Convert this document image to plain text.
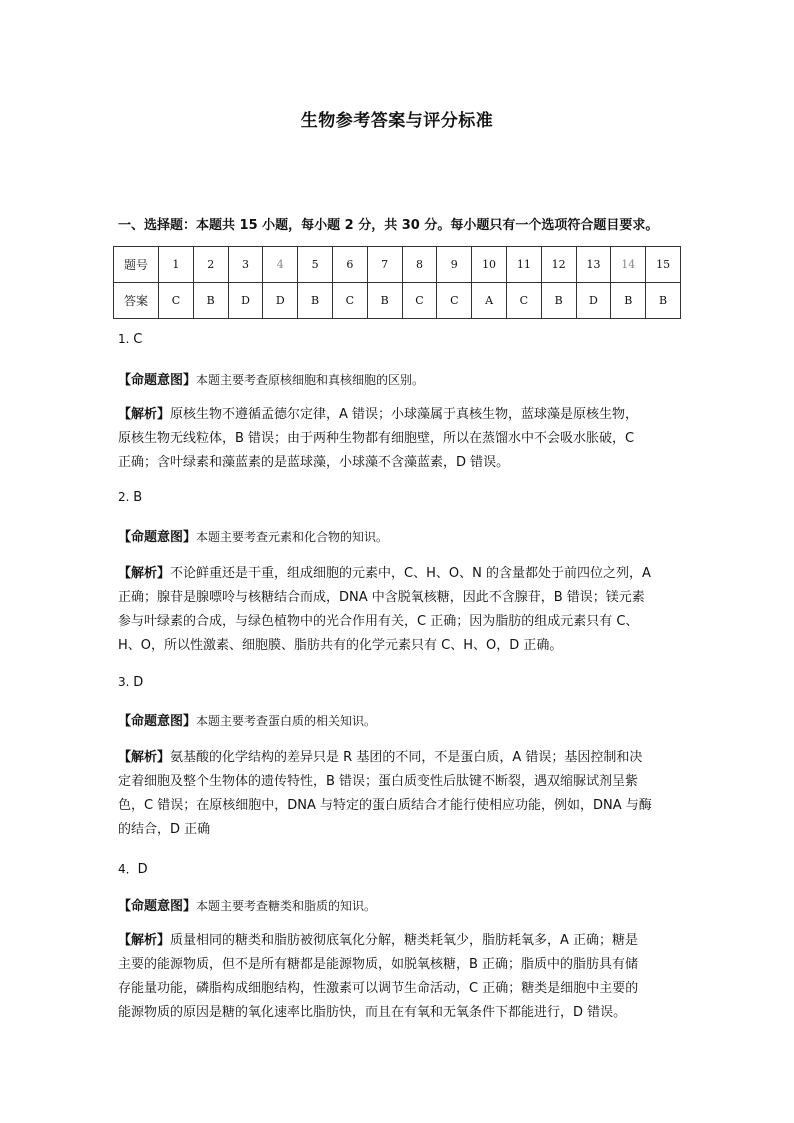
生物参考答案与评分标准
一、选择题：本题共 15 小题，每小题 2 分，共 30 分。每小题只有一个选项符合题目要求。
题号	1	2	3	4	5	6	7	8	9	10	11	12	13	14	15
答案	C	B	D	D	B	C	B	C	C	A	C	B	D	B	B
1. C
【命题意图】本题主要考查原核细胞和真核细胞的区别。
【解析】原核生物不遵循孟德尔定律，A 错误；小球藻属于真核生物，蓝球藻是原核生物，
原核生物无线粒体，B 错误；由于两种生物都有细胞壁，所以在蒸馏水中不会吸水胀破，C
正确；含叶绿素和藻蓝素的是蓝球藻，小球藻不含藻蓝素，D 错误。
2. B
【命题意图】本题主要考查元素和化合物的知识。
【解析】不论鲜重还是干重，组成细胞的元素中，C、H、O、N 的含量都处于前四位之列，A
正确；腺苷是腺嘌呤与核糖结合而成，DNA 中含脱氧核糖，因此不含腺苷，B 错误；镁元素
参与叶绿素的合成，与绿色植物中的光合作用有关，C 正确；因为脂肪的组成元素只有 C、
H、O，所以性激素、细胞膜、脂肪共有的化学元素只有 C、H、O，D 正确。
3. D
【命题意图】本题主要考查蛋白质的相关知识。
【解析】氨基酸的化学结构的差异只是 R 基团的不同，不是蛋白质，A 错误；基因控制和决
定着细胞及整个生物体的遗传特性，B 错误；蛋白质变性后肽键不断裂，遇双缩脲试剂呈紫
色，C 错误；在原核细胞中，DNA 与特定的蛋白质结合才能行使相应功能，例如，DNA 与酶
的结合，D 正确
4．D
【命题意图】本题主要考查糖类和脂质的知识。
【解析】质量相同的糖类和脂肪被彻底氧化分解，糖类耗氧少，脂肪耗氧多，A 正确；糖是
主要的能源物质，但不是所有糖都是能源物质，如脱氧核糖，B 正确；脂质中的脂肪具有储
存能量功能，磷脂构成细胞结构，性激素可以调节生命活动，C 正确；糖类是细胞中主要的
能源物质的原因是糖的氧化速率比脂肪快，而且在有氧和无氧条件下都能进行，D 错误。
